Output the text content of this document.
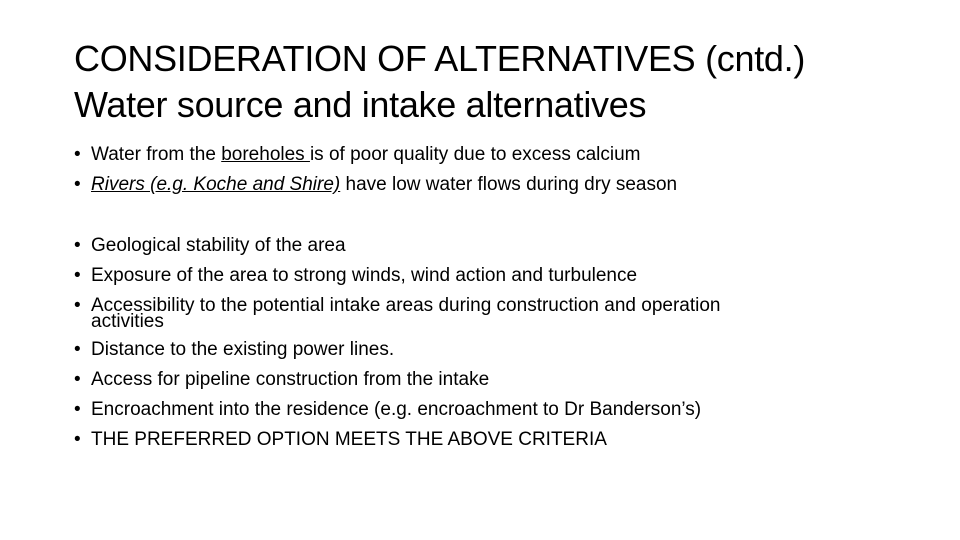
CONSIDERATION OF ALTERNATIVES (cntd.)
Water source and intake alternatives
• Water from the boreholes is of poor quality due to excess calcium
• Rivers (e.g. Koche and Shire) have low water flows during dry season
• Geological stability of the area
• Exposure of the area to strong winds, wind action and turbulence
• Accessibility to the potential intake areas during construction and operation
activities
• Distance to the existing power lines.
• Access for pipeline construction from the intake
• Encroachment into the residence (e.g. encroachment to Dr Banderson’s)
• THE PREFERRED OPTION MEETS THE ABOVE CRITERIA
